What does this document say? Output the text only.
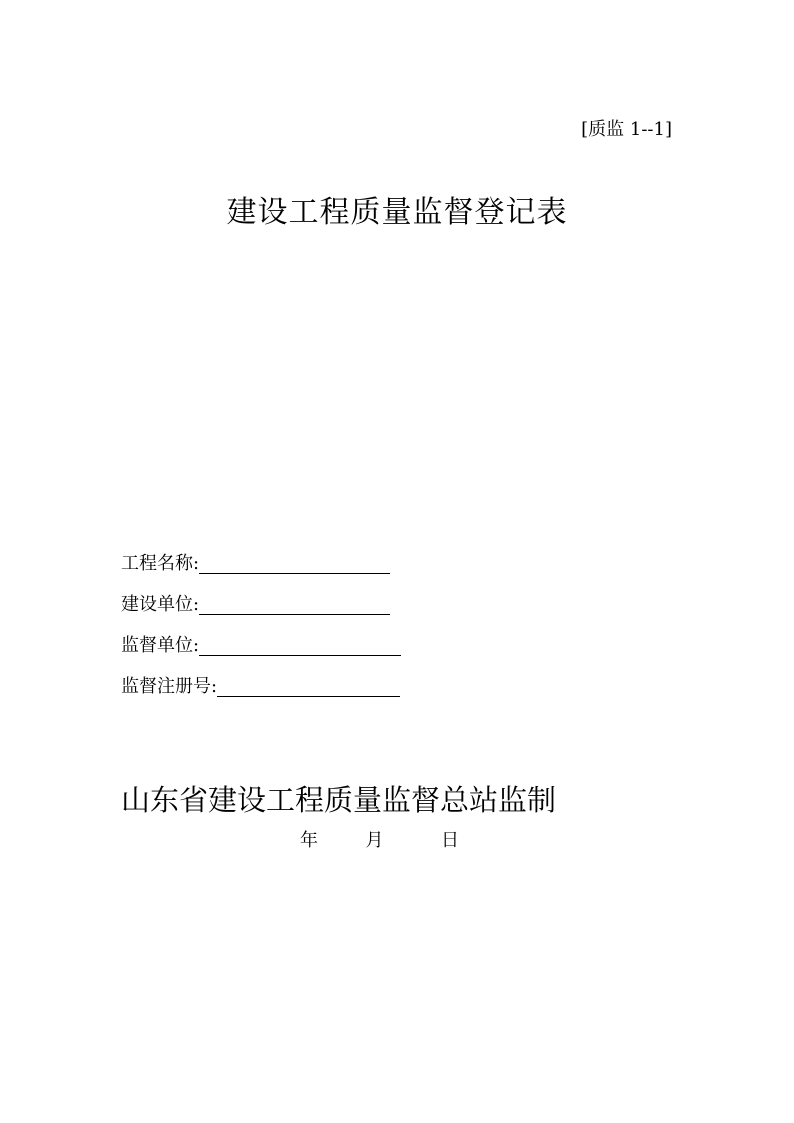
[质监 1--1]
建设工程质量监督登记表
工程名称:
建设单位:
监督单位:
监督注册号:
山东省建设工程质量监督总站监制
年	月	日
